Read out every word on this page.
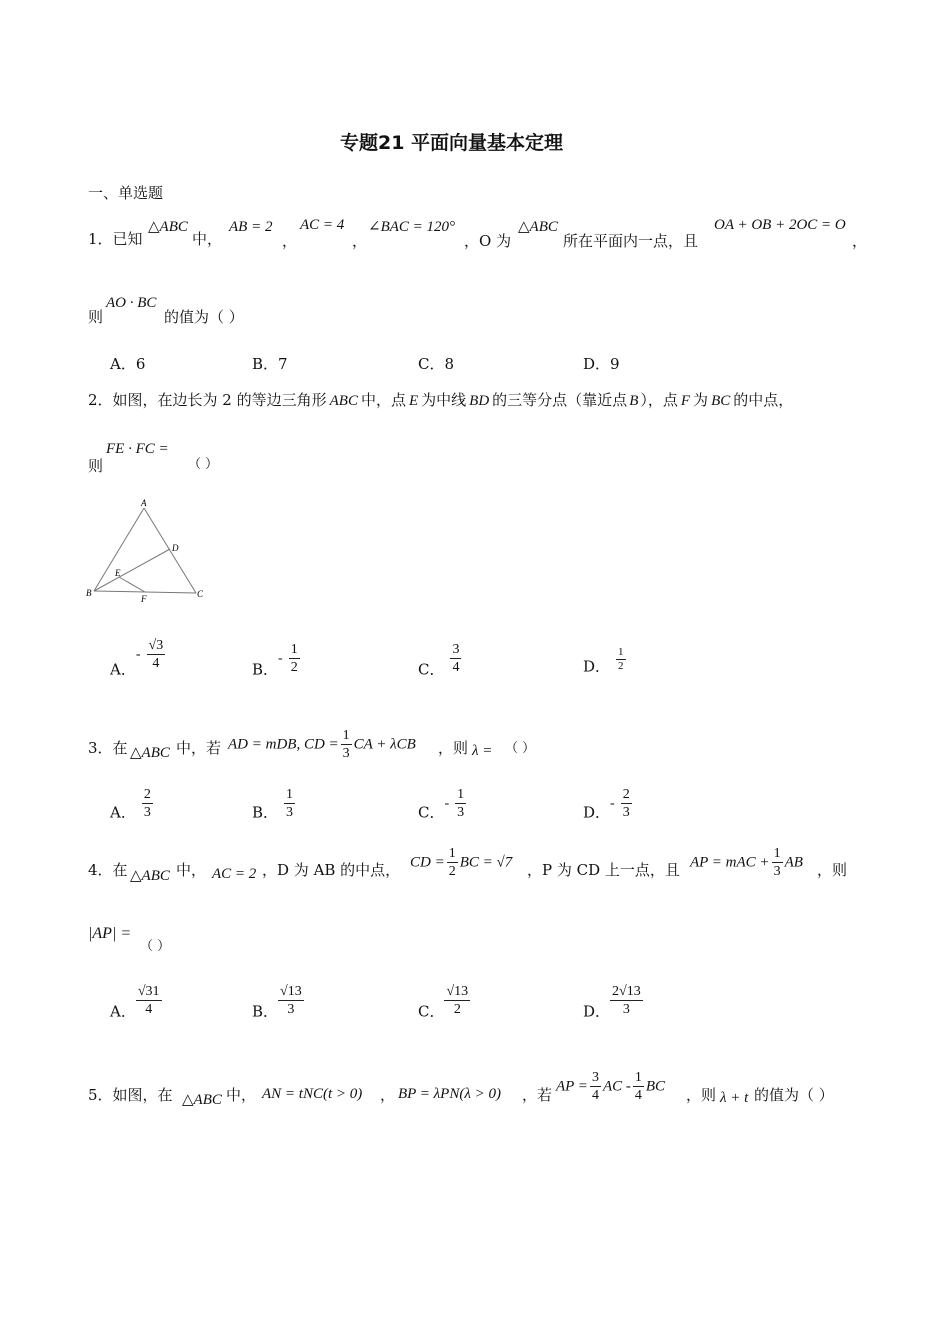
专题21 平面向量基本定理
一、单选题
1．已知
△ABC
中，
AB = 2
，
AC = 4
，
∠BAC = 120°
，O 为
△ABC
所在平面内一点，且
OA + OB + 2OC = O
，
则
AO · BC
的值为（ ）
A．6	B．7	C．8	D．9
2．如图，在边长为 2 的等边三角形 ABC 中，点 E 为中线 BD 的三等分点（靠近点 B ），点 F 为 BC 的中点，
则
FE · FC =
（ ）
A
B	C
D
E
F
A．- $\frac{√3}{4}$	B．- $\frac{1}{2}$	C． $\frac{3}{4}$	D． $\frac{1}{2}$
3．在 △ABC 中，若 AD = mDB, CD = $\frac{1}{3}$ CA + λCB ，则 λ = （ ）
A． $\frac{2}{3}$	B． $\frac{1}{3}$	C．- $\frac{1}{3}$	D．- $\frac{2}{3}$
4．在 △ABC 中， AC = 2 ，D 为 AB 的中点， CD = $\frac{1}{2}$ BC = √7 ，P 为 CD 上一点，且 AP = mAC + $\frac{1}{3}$ AB ，则
|AP| =
（ ）
A． $\frac{√31}{4}$	B． $\frac{√13}{3}$	C． $\frac{√13}{2}$	D． $\frac{2√13}{3}$
5．如图，在 △ABC 中， AN = tNC(t > 0) ， BP = λPN(λ > 0) ，若 AP = $\frac{3}{4}$ AC - $\frac{1}{4}$ BC ，则 λ + t 的值为（ ）
